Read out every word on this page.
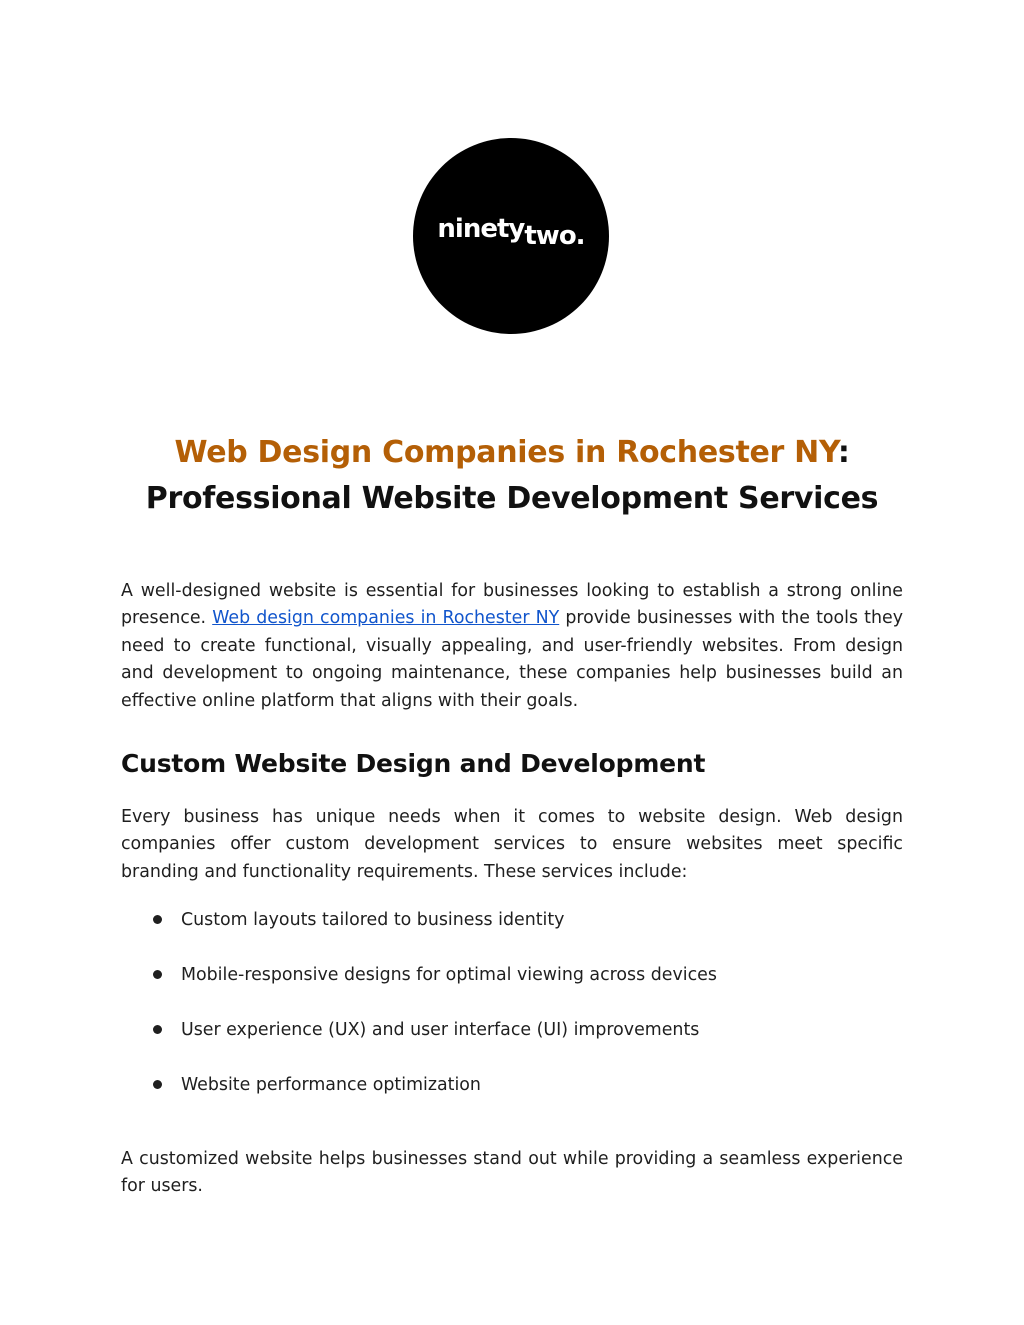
ninetytwo.
Web Design Companies in Rochester NY:
Professional Website Development Services

A well-designed website is essential for businesses looking to establish a strong online presence. Web design companies in Rochester NY provide businesses with the tools they need to create functional, visually appealing, and user-friendly websites. From design and development to ongoing maintenance, these companies help businesses build an effective online platform that aligns with their goals.

Custom Website Design and Development

Every business has unique needs when it comes to website design. Web design companies offer custom development services to ensure websites meet specific branding and functionality requirements. These services include:

Custom layouts tailored to business identity
Mobile-responsive designs for optimal viewing across devices
User experience (UX) and user interface (UI) improvements
Website performance optimization

A customized website helps businesses stand out while providing a seamless experience for users.
